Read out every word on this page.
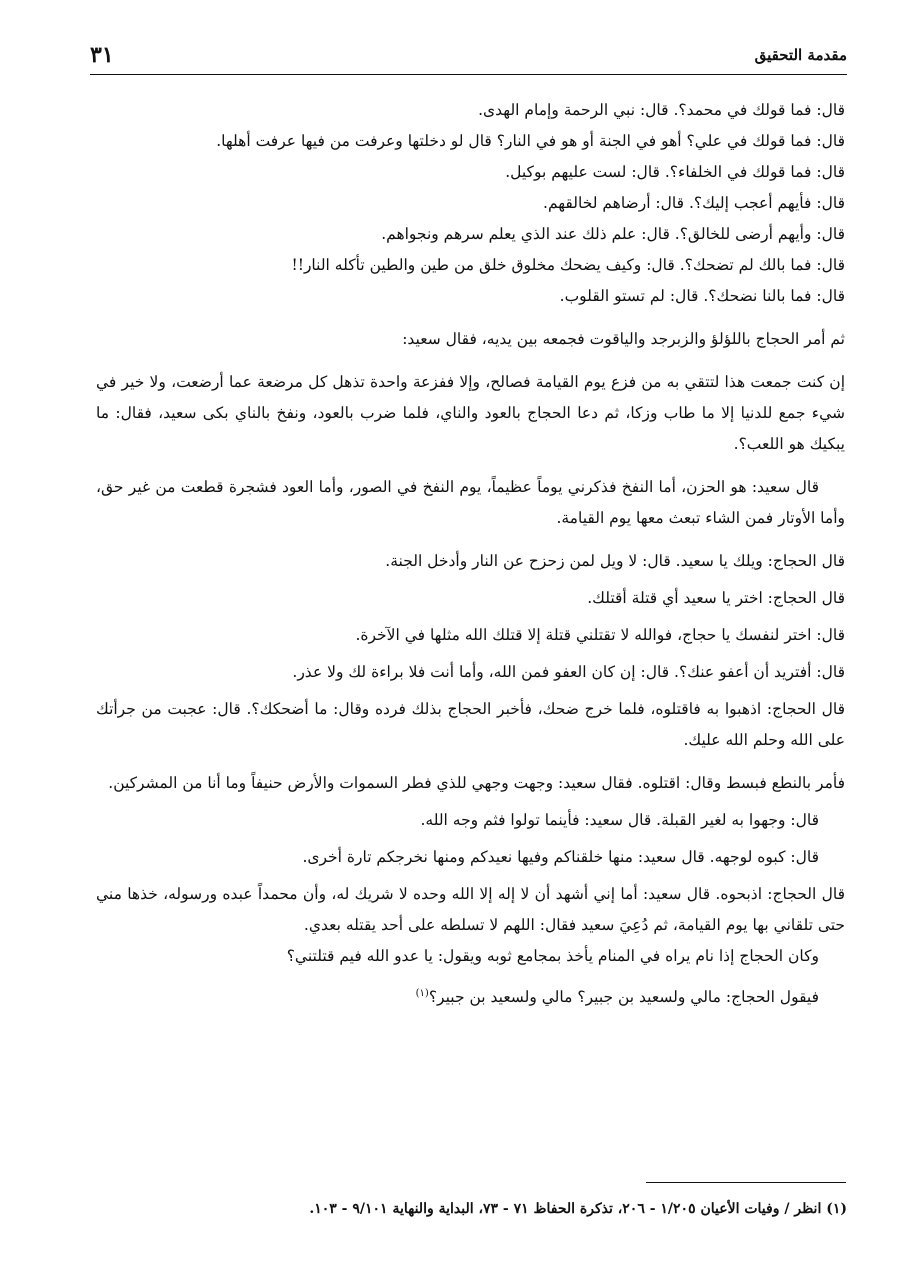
مقدمة التحقيق
٣١

قال: فما قولك في محمد؟. قال: نبي الرحمة وإمام الهدى.

قال: فما قولك في علي؟ أهو في الجنة أو هو في النار؟ قال لو دخلتها وعرفت من فيها عرفت أهلها.

قال: فما قولك في الخلفاء؟. قال: لست عليهم بوكيل.

قال: فأيهم أعجب إليك؟. قال: أرضاهم لخالقهم.

قال: وأيهم أرضى للخالق؟. قال: علم ذلك عند الذي يعلم سرهم ونجواهم.

قال: فما بالك لم تضحك؟. قال: وكيف يضحك مخلوق خلق من طين والطين تأكله النار!!

قال: فما بالنا نضحك؟. قال: لم تستو القلوب.

ثم أمر الحجاج باللؤلؤ والزبرجد والياقوت فجمعه بين يديه، فقال سعيد:

إن كنت جمعت هذا لتتقي به من فزع يوم القيامة فصالح، وإلا ففزعة واحدة تذهل كل مرضعة عما أرضعت، ولا خير في شيء جمع للدنيا إلا ما طاب وزكا، ثم دعا الحجاج بالعود والناي، فلما ضرب بالعود، ونفخ بالناي بكى سعيد، فقال: ما يبكيك هو اللعب؟.

قال سعيد: هو الحزن، أما النفخ فذكرني يوماً عظيماً، يوم النفخ في الصور، وأما العود فشجرة قطعت من غير حق، وأما الأوتار فمن الشاء تبعث معها يوم القيامة.

قال الحجاج: ويلك يا سعيد. قال: لا ويل لمن زحزح عن النار وأدخل الجنة.

قال الحجاج: اختر يا سعيد أي قتلة أقتلك.

قال: اختر لنفسك يا حجاج، فوالله لا تقتلني قتلة إلا قتلك الله مثلها في الآخرة.

قال: أفتريد أن أعفو عنك؟. قال: إن كان العفو فمن الله، وأما أنت فلا براءة لك ولا عذر.

قال الحجاج: اذهبوا به فاقتلوه، فلما خرج ضحك، فأخبر الحجاج بذلك فرده وقال: ما أضحكك؟. قال: عجبت من جرأتك على الله وحلم الله عليك.

فأمر بالنطع فبسط وقال: اقتلوه. فقال سعيد: وجهت وجهي للذي فطر السموات والأرض حنيفاً وما أنا من المشركين.

قال: وجهوا به لغير القبلة. قال سعيد: فأينما تولوا فثم وجه الله.

قال: كبوه لوجهه. قال سعيد: منها خلقناكم وفيها نعيدكم ومنها نخرجكم تارة أخرى.

قال الحجاج: اذبحوه. قال سعيد: أما إني أشهد أن لا إله إلا الله وحده لا شريك له، وأن محمداً عبده ورسوله، خذها مني حتى تلقاني بها يوم القيامة، ثم دُعِيَ سعيد فقال: اللهم لا تسلطه على أحد يقتله بعدي.

وكان الحجاج إذا نام يراه في المنام يأخذ بمجامع ثوبه ويقول: يا عدو الله فيم قتلتني؟

فيقول الحجاج: مالي ولسعيد بن جبير؟ مالي ولسعيد بن جبير؟$^{(١)}$

(١) انظر / وفيات الأعيان ١/٢٠٥ - ٢٠٦، تذكرة الحفاظ ٧١ - ٧٣، البداية والنهاية ٩/١٠١ - ١٠٣.
